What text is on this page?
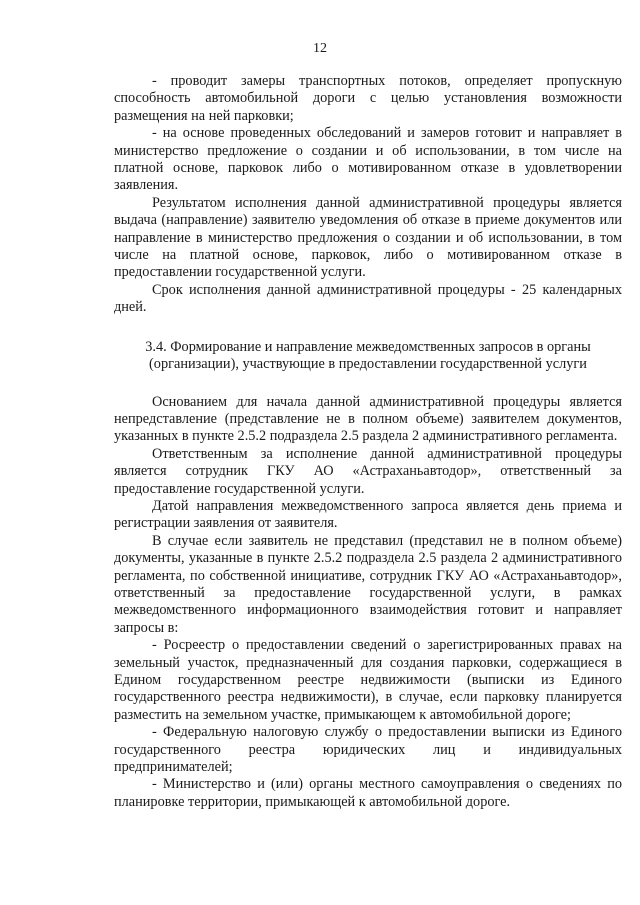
12

- проводит замеры транспортных потоков, определяет пропускную способность автомобильной дороги с целью установления возможности размещения на ней парковки;

- на основе проведенных обследований и замеров готовит и направляет в министерство предложение о создании и об использовании, в том числе на платной основе, парковок либо о мотивированном отказе в удовлетворении заявления.

Результатом исполнения данной административной процедуры является выдача (направление) заявителю уведомления об отказе в приеме документов или направление в министерство предложения о создании и об использовании, в том числе на платной основе, парковок, либо о мотивированном отказе в предоставлении государственной услуги.

Срок исполнения данной административной процедуры - 25 календарных дней.

3.4. Формирование и направление межведомственных запросов в органы (организации), участвующие в предоставлении государственной услуги

Основанием для начала данной административной процедуры является непредставление (представление не в полном объеме) заявителем документов, указанных в пункте 2.5.2 подраздела 2.5 раздела 2 административного регламента.

Ответственным за исполнение данной административной процедуры является сотрудник ГКУ АО «Астраханьавтодор», ответственный за предоставление государственной услуги.

Датой направления межведомственного запроса является день приема и регистрации заявления от заявителя.

В случае если заявитель не представил (представил не в полном объеме) документы, указанные в пункте 2.5.2 подраздела 2.5 раздела 2 административного регламента, по собственной инициативе, сотрудник ГКУ АО «Астраханьавтодор», ответственный за предоставление государственной услуги, в рамках межведомственного информационного взаимодействия готовит и направляет запросы в:

- Росреестр о предоставлении сведений о зарегистрированных правах на земельный участок, предназначенный для создания парковки, содержащиеся в Едином государственном реестре недвижимости (выписки из Единого государственного реестра недвижимости), в случае, если парковку планируется разместить на земельном участке, примыкающем к автомобильной дороге;

- Федеральную налоговую службу о предоставлении выписки из Единого государственного реестра юридических лиц и индивидуальных предпринимателей;

- Министерство и (или) органы местного самоуправления о сведениях по планировке территории, примыкающей к автомобильной дороге.
